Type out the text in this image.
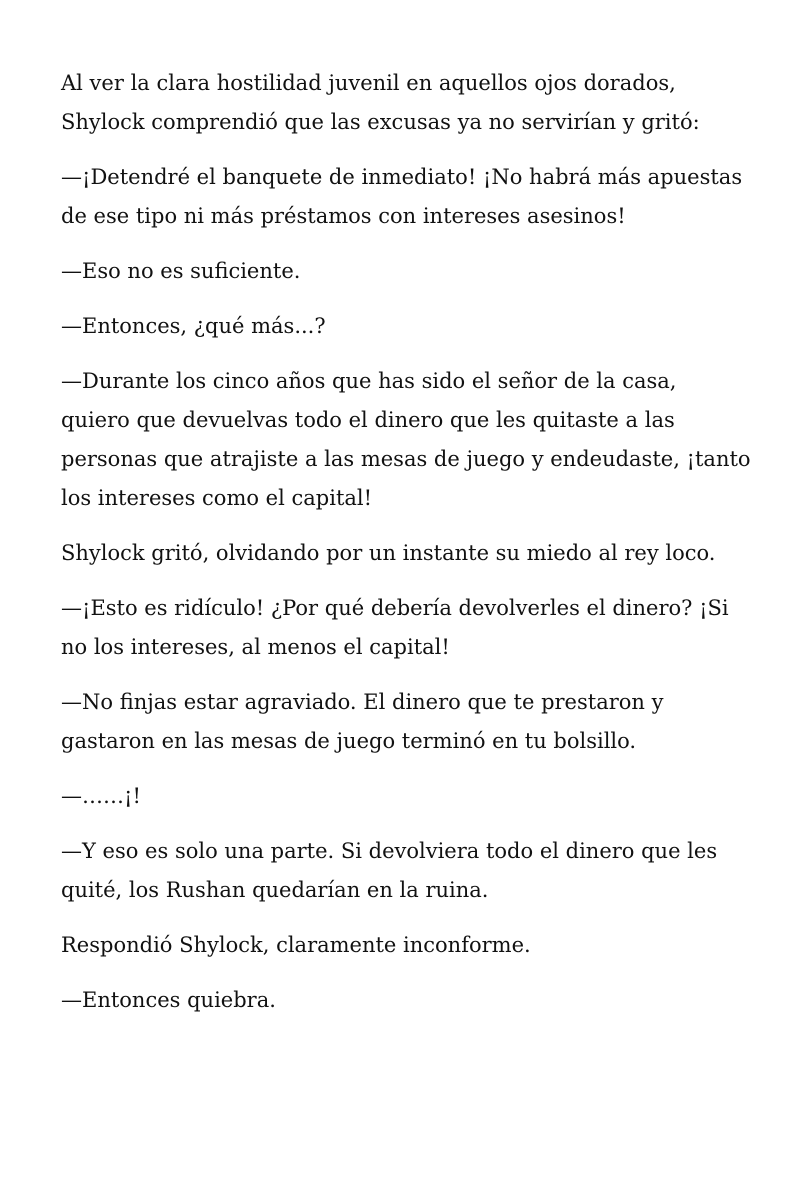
Al ver la clara hostilidad juvenil en aquellos ojos dorados, Shylock comprendió que las excusas ya no servirían y gritó:

—¡Detendré el banquete de inmediato! ¡No habrá más apuestas de ese tipo ni más préstamos con intereses asesinos!

—Eso no es suficiente.

—Entonces, ¿qué más...?

—Durante los cinco años que has sido el señor de la casa, quiero que devuelvas todo el dinero que les quitaste a las personas que atrajiste a las mesas de juego y endeudaste, ¡tanto los intereses como el capital!

Shylock gritó, olvidando por un instante su miedo al rey loco.

—¡Esto es ridículo! ¿Por qué debería devolverles el dinero? ¡Si no los intereses, al menos el capital!

—No finjas estar agraviado. El dinero que te prestaron y gastaron en las mesas de juego terminó en tu bolsillo.

—……¡!

—Y eso es solo una parte. Si devolviera todo el dinero que les quité, los Rushan quedarían en la ruina.

Respondió Shylock, claramente inconforme.

—Entonces quiebra.
